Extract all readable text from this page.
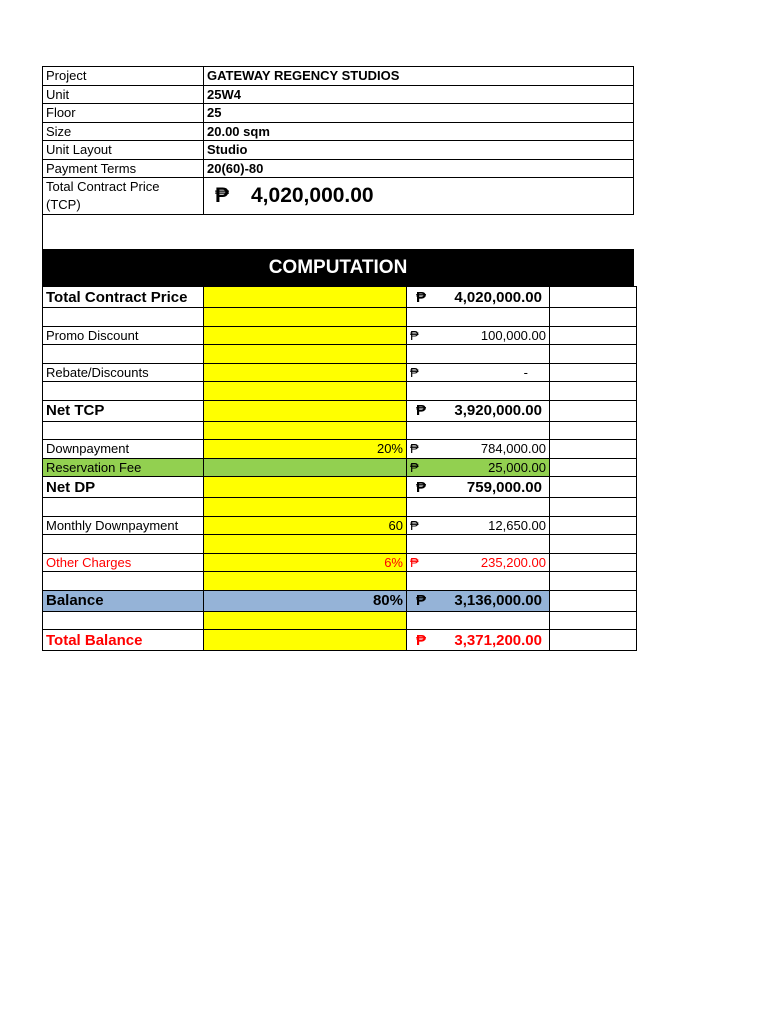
Project	GATEWAY REGENCY STUDIOS
Unit	25W4
Floor	25
Size	20.00 sqm
Unit Layout	Studio
Payment Terms	20(60)-80

Total Contract Price
(TCP)	₱ 4,020,000.00

COMPUTATION
Total Contract Price		₱ 4,020,000.00	

Promo Discount		₱ 100,000.00	

Rebate/Discounts		₱ -	

Net TCP		₱ 3,920,000.00	

Downpayment	20%	₱ 784,000.00	

Reservation Fee		₱ 25,000.00	

Net DP		₱ 759,000.00	

Monthly Downpayment	60	₱ 12,650.00	

Other Charges	6%	₱ 235,200.00	

Balance	80%	₱ 3,136,000.00	

Total Balance		₱ 3,371,200.00	
